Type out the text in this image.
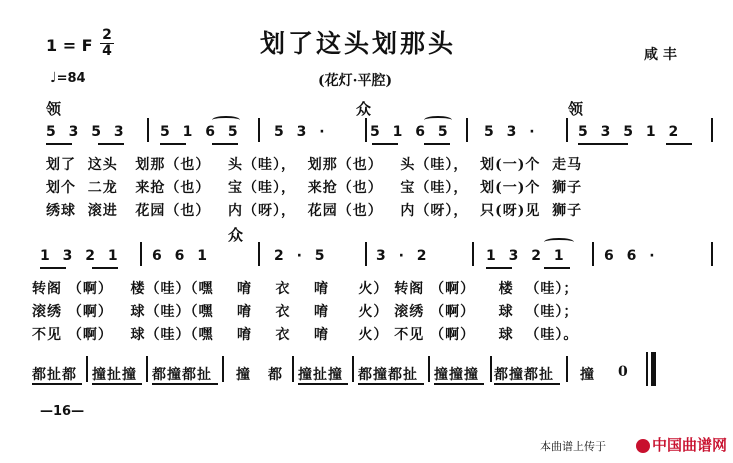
1 = F
2
4	划了这头划那头	咸 丰
♩=84	(花灯·平腔)
领	众	领
5 3 5 3 5 1 6 5 5 3 ·	5 1 6 5 5 3 ·	5 3 5 1 2
划了 这头 划那（也） 头（哇）， 划那（也） 头（哇）， 划(一)个 走马
划个 二龙 来抢（也） 宝（哇）， 来抢（也） 宝（哇）， 划(一)个 狮子
绣球 滚进 花园（也） 内（呀）， 花园（也） 内（呀）， 只(呀)见 狮子
众
1 3 2 1 6 6 1	2 · 5	3 · 2	1 3 2 1	6 6 ·
转阁 （啊） 楼（哇）（嘿 唷 衣 唷 火） 转阁 （啊） 楼 （哇）；
滚绣 （啊） 球（哇）（嘿 唷 衣 唷 火） 滚绣 （啊） 球 （哇）；
不见 （啊） 球（哇）（嘿 唷 衣 唷 火） 不见 （啊） 球 （哇）。
都扯都 撞扯撞 都撞都扯 撞 都 撞扯撞 都撞都扯 撞撞撞 都撞都扯 撞 0
—16—
本曲谱上传于	中国曲谱网
